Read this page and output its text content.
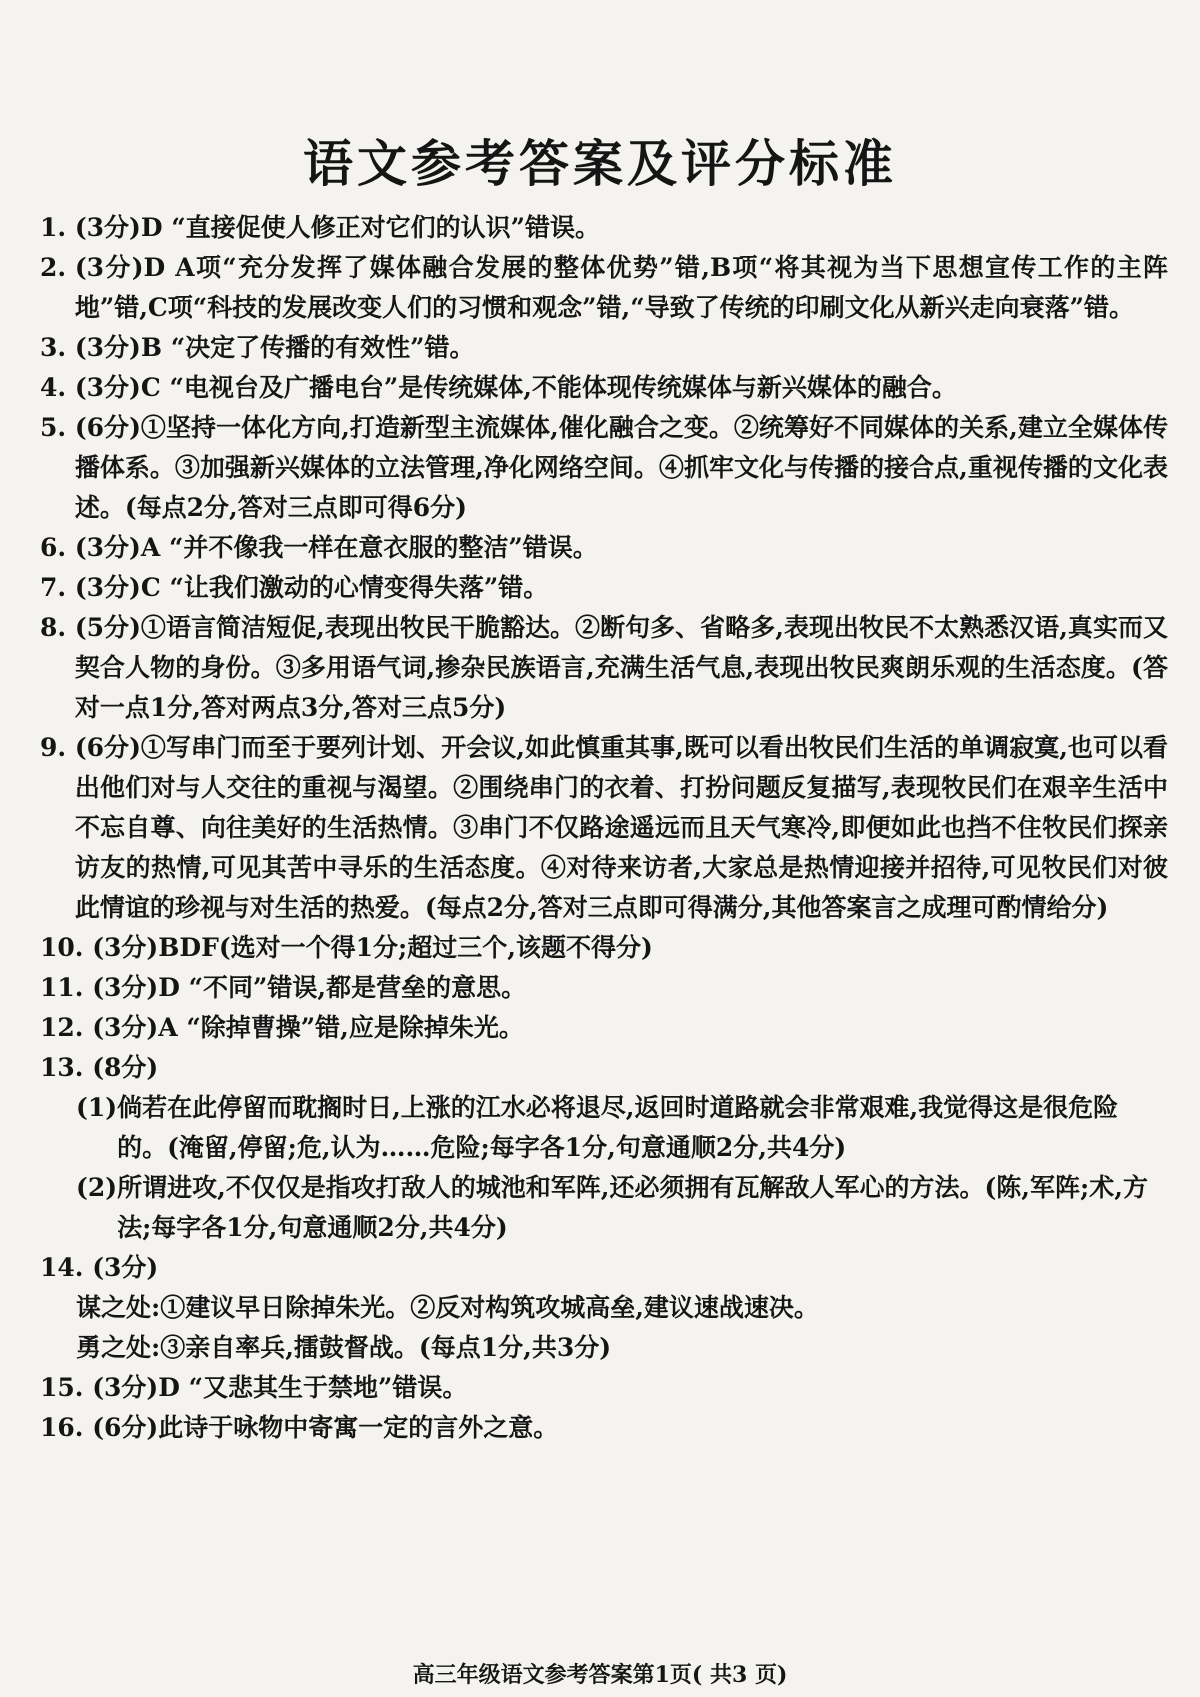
语文参考答案及评分标准
1. (3分)D “直接促使人修正对它们的认识”错误。
2. (3分)D A项“充分发挥了媒体融合发展的整体优势”错,B项“将其视为当下思想宣传工作的主阵地”错,C项“科技的发展改变人们的习惯和观念”错,“导致了传统的印刷文化从新兴走向衰落”错。
3. (3分)B “决定了传播的有效性”错。
4. (3分)C “电视台及广播电台”是传统媒体,不能体现传统媒体与新兴媒体的融合。
5. (6分)①坚持一体化方向,打造新型主流媒体,催化融合之变。②统筹好不同媒体的关系,建立全媒体传播体系。③加强新兴媒体的立法管理,净化网络空间。④抓牢文化与传播的接合点,重视传播的文化表述。(每点2分,答对三点即可得6分)
6. (3分)A “并不像我一样在意衣服的整洁”错误。
7. (3分)C “让我们激动的心情变得失落”错。
8. (5分)①语言简洁短促,表现出牧民干脆豁达。②断句多、省略多,表现出牧民不太熟悉汉语,真实而又契合人物的身份。③多用语气词,掺杂民族语言,充满生活气息,表现出牧民爽朗乐观的生活态度。(答对一点1分,答对两点3分,答对三点5分)
9. (6分)①写串门而至于要列计划、开会议,如此慎重其事,既可以看出牧民们生活的单调寂寞,也可以看出他们对与人交往的重视与渴望。②围绕串门的衣着、打扮问题反复描写,表现牧民们在艰辛生活中不忘自尊、向往美好的生活热情。③串门不仅路途遥远而且天气寒冷,即便如此也挡不住牧民们探亲访友的热情,可见其苦中寻乐的生活态度。④对待来访者,大家总是热情迎接并招待,可见牧民们对彼此情谊的珍视与对生活的热爱。(每点2分,答对三点即可得满分,其他答案言之成理可酌情给分)
10. (3分)BDF(选对一个得1分;超过三个,该题不得分)
11. (3分)D “不同”错误,都是营垒的意思。
12. (3分)A “除掉曹操”错,应是除掉朱光。
13. (8分)
(1) 倘若在此停留而耽搁时日,上涨的江水必将退尽,返回时道路就会非常艰难,我觉得这是很危险的。(淹留,停留;危,认为……危险;每字各1分,句意通顺2分,共4分)
(2) 所谓进攻,不仅仅是指攻打敌人的城池和军阵,还必须拥有瓦解敌人军心的方法。(陈,军阵;术,方法;每字各1分,句意通顺2分,共4分)
14. (3分)
谋之处:①建议早日除掉朱光。②反对构筑攻城高垒,建议速战速决。
勇之处:③亲自率兵,擂鼓督战。(每点1分,共3分)
15. (3分)D “又悲其生于禁地”错误。
16. (6分)此诗于咏物中寄寓一定的言外之意。
高三年级语文参考答案第1页( 共3 页)
